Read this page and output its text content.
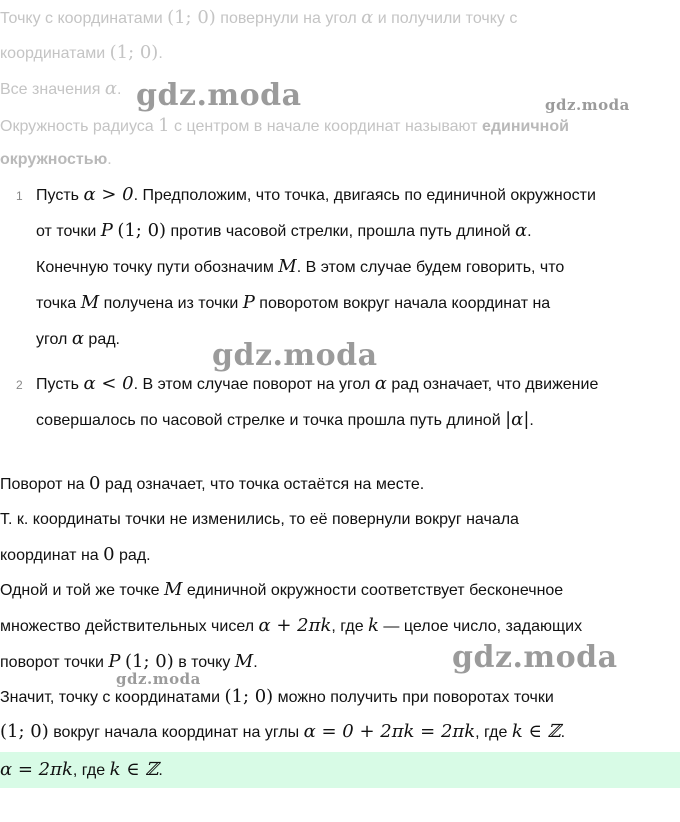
Точку с координатами (1; 0) повернули на угол α и получили точку с
координатами (1; 0).
Все значения α.
Окружность радиуса 1 с центром в начале координат называют единичной
окружностью.
1 Пусть α > 0. Предположим, что точка, двигаясь по единичной окружности
от точки P (1; 0) против часовой стрелки, прошла путь длиной α.
Конечную точку пути обозначим M. В этом случае будем говорить, что
точка M получена из точки P поворотом вокруг начала координат на
угол α рад.
2 Пусть α < 0. В этом случае поворот на угол α рад означает, что движение
совершалось по часовой стрелке и точка прошла путь длиной |α|.
Поворот на 0 рад означает, что точка остаётся на месте.
Т. к. координаты точки не изменились, то её повернули вокруг начала
координат на 0 рад.
Одной и той же точке M единичной окружности соответствует бесконечное
множество действительных чисел α + 2πk, где k — целое число, задающих
поворот точки P (1; 0) в точку M.
Значит, точку с координатами (1; 0) можно получить при поворотах точки
(1; 0) вокруг начала координат на углы α = 0 + 2πk = 2πk, где k ∈ ℤ.
α = 2πk, где k ∈ ℤ.
gdz.moda	gdz.moda
gdz.moda
gdz.moda
gdz.moda
